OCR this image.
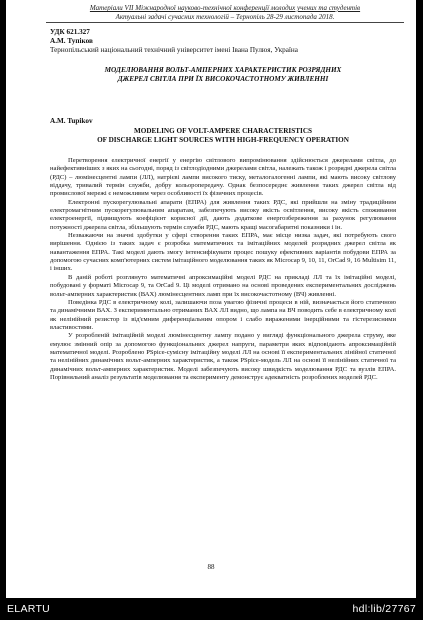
Матеріали VII Міжнародної науково-технічної конференції молодих учених та студентів
Актуальні задачі сучасних технологій – Тернопіль 28-29 листопада 2018.
УДК 621.327
А.М. Тупіков
Тернопільський національний технічний університет імені Івана Пулюя, Україна
МОДЕЛЮВАННЯ ВОЛЬТ-АМПЕРНИХ ХАРАКТЕРИСТИК РОЗРЯДНИХ
ДЖЕРЕЛ СВІТЛА ПРИ ЇХ ВИСОКОЧАСТОТНОМУ ЖИВЛЕННІ
A.M. Tupikov
MODELING OF VOLT-AMPERE CHARACTERISTICS
OF DISCHARGE LIGHT SOURCES WITH HIGH-FREQUENCY OPERATION

Перетворення електричної енергії у енергію світлового випромінювання здійснюється джерелами світла, до найефективніших з яких на сьогодні, поряд із світлодіодними джерелами світла, належать також і розрядні джерела світла (РДС) – люмінесцентні лампи (ЛЛ), натрієві лампи високого тиску, металогалогенні лампи, які мають високу світлову віддачу, тривалий термін служби, добру кольоропередачу. Однак безпосереднє живлення таких джерел світла від промислової мережі є неможливим через особливості їх фізичних процесів.

Електронні пускорегулювальні апарати (ЕПРА) для живлення таких РДС, які прийшли на зміну традиційним електромагнітним пускорегулювальним апаратам, забезпечують високу якість освітлення, високу якість споживання електроенергії, підвищують коефіцієнт корисної дії, дають додаткове енергозбереження за рахунок регулювання потужності джерела світла, збільшують термін служби РДС, мають кращі масогабаритні показники і ін.

Незважаючи на значні здобутки у сфері створення таких ЕПРА, має місце низка задач, які потребують свого вирішення. Однією із таких задач є розробка математичних та імітаційних моделей розрядних джерел світла як навантаження ЕПРА. Такі моделі дають змогу інтенсифікувати процес пошуку ефективних варіантів побудови ЕПРА за допомогою сучасних комп'ютерних систем імітаційного моделювання таких як Microcap 9, 10, 11, OrCad 9, 16 Multisim 11, і інших.

В даній роботі розглянуто математичні апроксимаційні моделі РДС на прикладі ЛЛ та їх імітаційні моделі, побудовані у форматі Microcap 9, та OrCad 9. Ці моделі отримано на основі проведених експериментальних досліджень вольт-амперних характеристик (ВАХ) люмінесцентних ламп при їх високочастотному (ВЧ) живленні.

Поведінка РДС в електричному колі, залишаючи поза увагою фізичні процеси в ній, визначається його статичною та динамічними ВАХ. З експериментально отриманих ВАХ ЛЛ видно, що лампа на ВЧ поводить себе в електричному колі як нелінійний резистор із від'ємним диференціальним опором і слабо вираженими інерційними та гістерезисними властивостями.

У розробленій імітаційній моделі люмінесцентну лампу подано у вигляді функціонального джерела струму, яке емулює змінний опір за допомогою функціональних джерел напруги, параметри яких відповідають апроксимаційній математичної моделі. Розроблено PSpice-сумісну імітаційну моделі ЛЛ на основі її експериментальних лінійної статичної та нелінійних динамічних вольт-амперних характеристик, а також PSpice-модель ЛЛ на основі її нелінійних статичної та динамічних вольт-амперних характеристик. Моделі забезпечують високу швидкість моделювання РДС та вузлів ЕПРА. Порівняльний аналіз результатів моделювання та експерименту демонструє адекватність розроблених моделей РДС.

88
ELARTU	hdl:lib/27767
